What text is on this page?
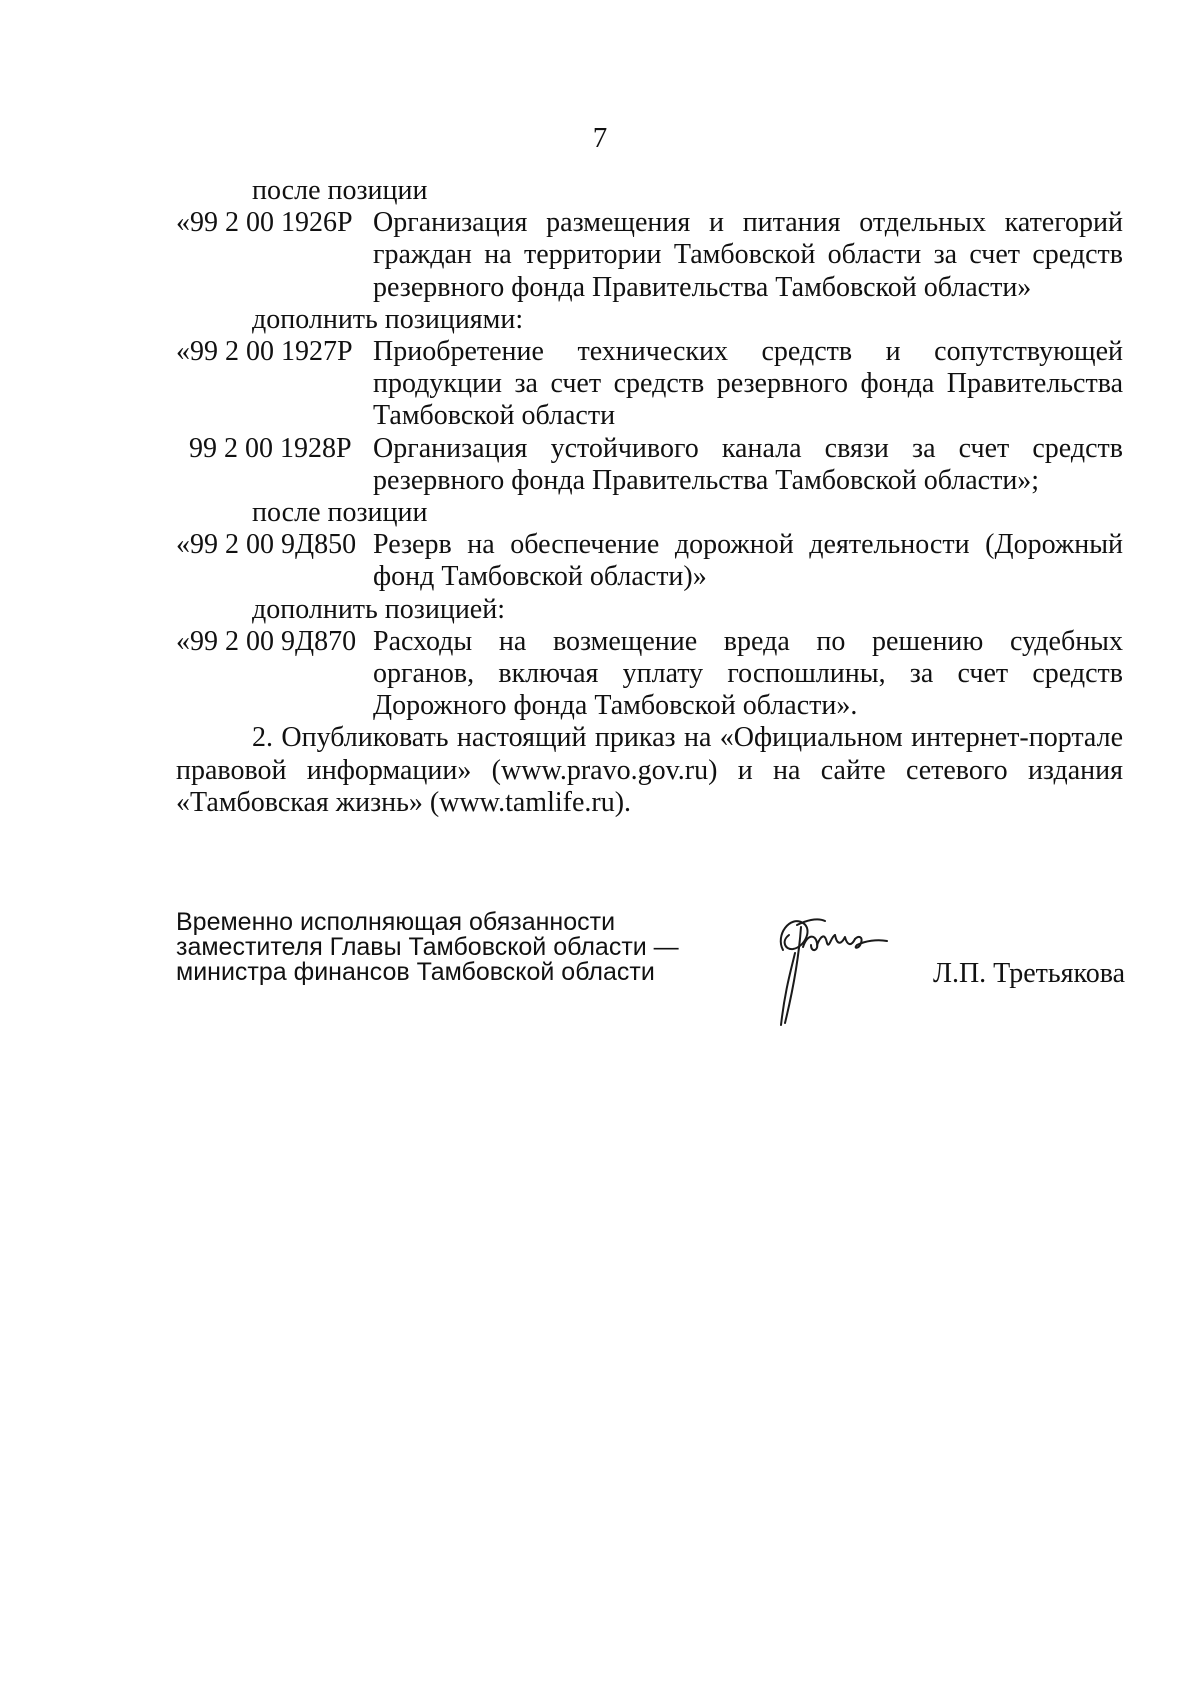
7
после позиции
«99 2 00 1926Р Организация размещения и питания отдельных категорий
граждан на территории Тамбовской области за счет средств
резервного фонда Правительства Тамбовской области»
дополнить позициями:
«99 2 00 1927Р Приобретение технических средств и сопутствующей
продукции за счет средств резервного фонда Правительства
Тамбовской области
99 2 00 1928Р Организация устойчивого канала связи за счет средств
резервного фонда Правительства Тамбовской области»;
после позиции
«99 2 00 9Д850 Резерв на обеспечение дорожной деятельности (Дорожный
фонд Тамбовской области)»
дополнить позицией:
«99 2 00 9Д870 Расходы на возмещение вреда по решению судебных
органов, включая уплату госпошлины, за счет средств
Дорожного фонда Тамбовской области».
2. Опубликовать настоящий приказ на «Официальном интернет-портале правовой информации» (www.pravo.gov.ru) и на сайте сетевого издания «Тамбовская жизнь» (www.tamlife.ru).
Временно исполняющая обязанности
заместителя Главы Тамбовской области —
министра финансов Тамбовской области	Л.П. Третьякова
